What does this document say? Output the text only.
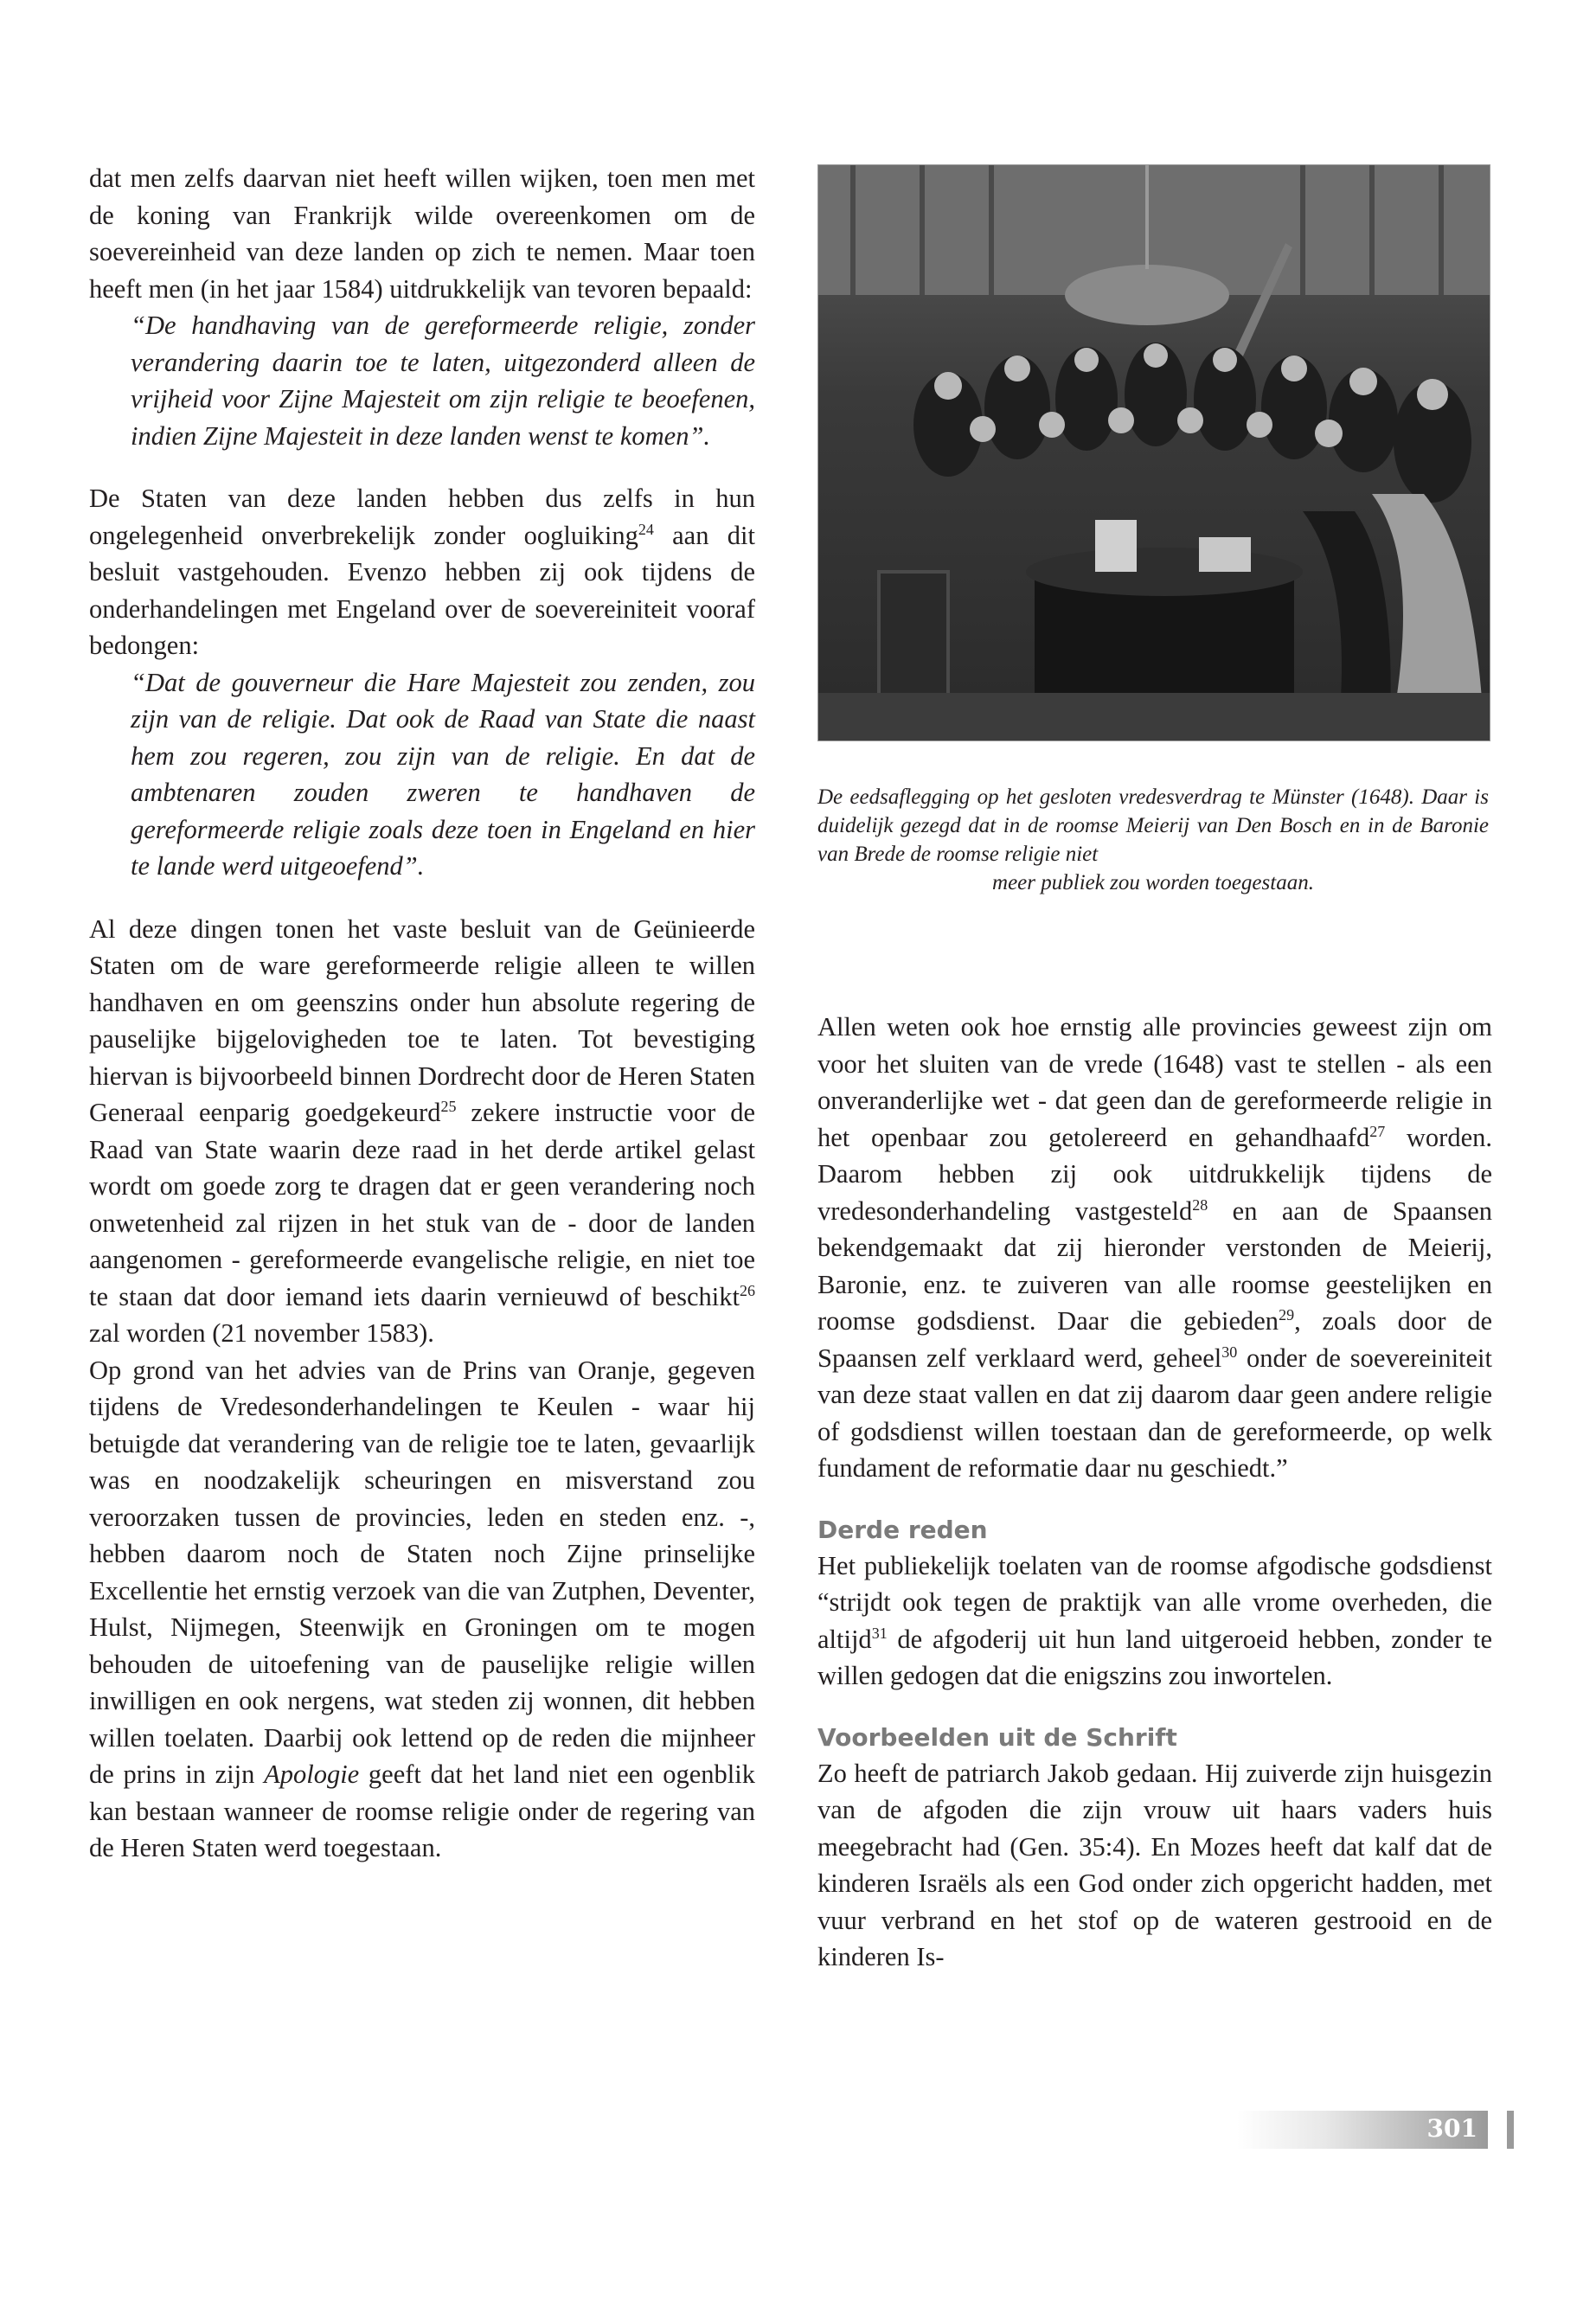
dat men zelfs daarvan niet heeft willen wijken, toen men met de koning van Frankrijk wilde overeenkomen om de soevereinheid van deze landen op zich te nemen. Maar toen heeft men (in het jaar 1584) uitdrukkelijk van tevoren bepaald:

“De handhaving van de gereformeerde religie, zonder verandering daarin toe te laten, uitgezonderd alleen de vrijheid voor Zijne Majesteit om zijn religie te beoefenen, indien Zijne Majesteit in deze landen wenst te komen”.

De Staten van deze landen hebben dus zelfs in hun ongelegenheid onverbrekelijk zonder oogluiking$^{24}$ aan dit besluit vastgehouden. Evenzo hebben zij ook tijdens de onderhandelingen met Engeland over de soevereiniteit vooraf bedongen:

“Dat de gouverneur die Hare Majesteit zou zenden, zou zijn van de religie. Dat ook de Raad van State die naast hem zou regeren, zou zijn van de religie. En dat de ambtenaren zouden zweren te handhaven de gereformeerde religie zoals deze toen in Engeland en hier te lande werd uitgeoefend”.

Al deze dingen tonen het vaste besluit van de Geünieerde Staten om de ware gereformeerde religie alleen te willen handhaven en om geenszins onder hun absolute regering de pauselijke bijgelovigheden toe te laten. Tot bevestiging hiervan is bijvoorbeeld binnen Dordrecht door de Heren Staten Generaal eenparig goedgekeurd$^{25}$ zekere instructie voor de Raad van State waarin deze raad in het derde artikel gelast wordt om goede zorg te dragen dat er geen verandering noch onwetenheid zal rijzen in het stuk van de - door de landen aangenomen - gereformeerde evangelische religie, en niet toe te staan dat door iemand iets daarin vernieuwd of beschikt$^{26}$ zal worden (21 november 1583).

Op grond van het advies van de Prins van Oranje, gegeven tijdens de Vredesonderhandelingen te Keulen - waar hij betuigde dat verandering van de religie toe te laten, gevaarlijk was en noodzakelijk scheuringen en misverstand zou veroorzaken tussen de provincies, leden en steden enz. -, hebben daarom noch de Staten noch Zijne prinselijke Excellentie het ernstig verzoek van die van Zutphen, Deventer, Hulst, Nijmegen, Steenwijk en Groningen om te mogen behouden de uitoefening van de pauselijke religie willen inwilligen en ook nergens, wat steden zij wonnen, dit hebben willen toelaten. Daarbij ook lettend op de reden die mijnheer de prins in zijn Apologie geeft dat het land niet een ogenblik kan bestaan wanneer de roomse religie onder de regering van de Heren Staten werd toegestaan.

De eedsaflegging op het gesloten vredesverdrag te Münster (1648). Daar is duidelijk gezegd dat in de roomse Meierij van Den Bosch en in de Baronie van Brede de roomse religie niet
meer publiek zou worden toegestaan.

Allen weten ook hoe ernstig alle provincies geweest zijn om voor het sluiten van de vrede (1648) vast te stellen - als een onveranderlijke wet - dat geen dan de gereformeerde religie in het openbaar zou getolereerd en gehandhaafd$^{27}$ worden. Daarom hebben zij ook uitdrukkelijk tijdens de vredesonderhandeling vastgesteld$^{28}$ en aan de Spaansen bekendgemaakt dat zij hieronder verstonden de Meierij, Baronie, enz. te zuiveren van alle roomse geestelijken en roomse godsdienst. Daar die gebieden$^{29}$, zoals door de Spaansen zelf verklaard werd, geheel$^{30}$ onder de soevereiniteit van deze staat vallen en dat zij daarom daar geen andere religie of godsdienst willen toestaan dan de gereformeerde, op welk fundament de reformatie daar nu geschiedt.”

Derde reden

Het publiekelijk toelaten van de roomse afgodische godsdienst “strijdt ook tegen de praktijk van alle vrome overheden, die altijd$^{31}$ de afgoderij uit hun land uitgeroeid hebben, zonder te willen gedogen dat die enigszins zou inwortelen.

Voorbeelden uit de Schrift

Zo heeft de patriarch Jakob gedaan. Hij zuiverde zijn huisgezin van de afgoden die zijn vrouw uit haars vaders huis meegebracht had (Gen. 35:4). En Mozes heeft dat kalf dat de kinderen Israëls als een God onder zich opgericht hadden, met vuur verbrand en het stof op de wateren gestrooid en de kinderen Is-

301
